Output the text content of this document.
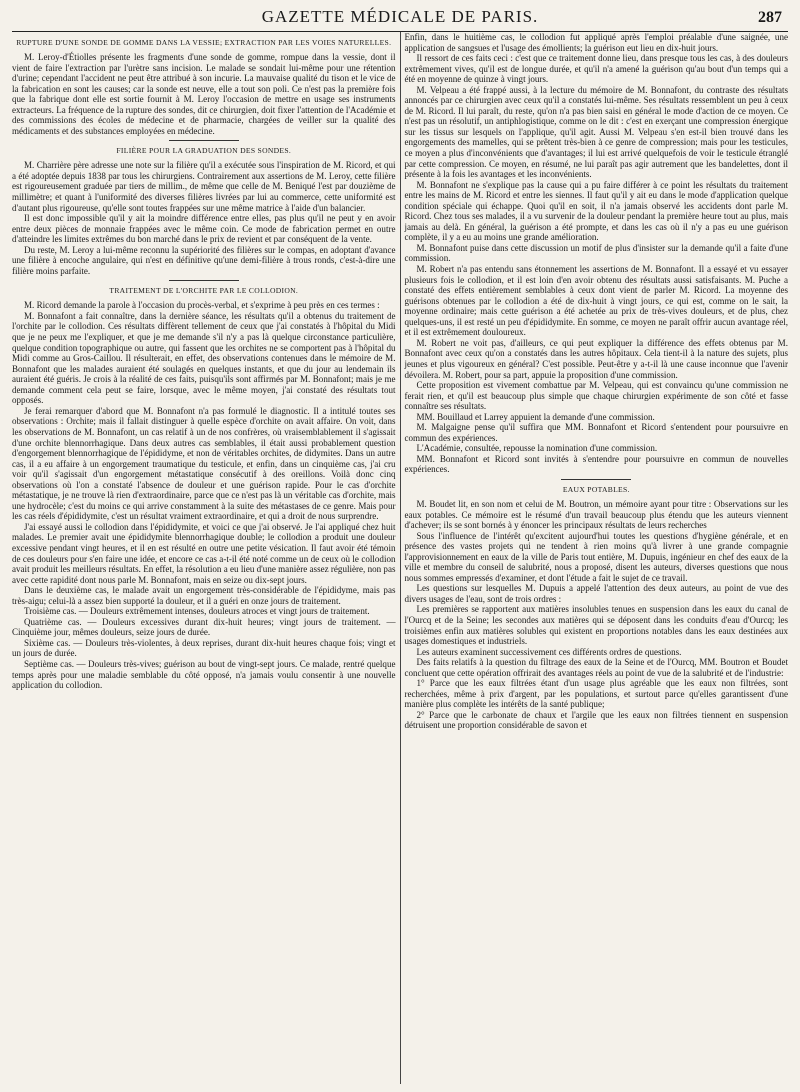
GAZETTE MÉDICALE DE PARIS.	287
RUPTURE D'UNE SONDE DE GOMME DANS LA VESSIE; EXTRACTION PAR LES VOIES NATURELLES.

M. Leroy-d'Étiolles présente les fragments d'une sonde de gomme, rompue dans la vessie, dont il vient de faire l'extraction par l'urètre sans incision. Le malade se sondait lui-même pour une rétention d'urine; cependant l'accident ne peut être attribué à son incurie. La mauvaise qualité du tison et le vice de la fabrication en sont les causes; car la sonde est neuve, elle a tout son poli. Ce n'est pas la première fois que la fabrique dont elle est sortie fournit à M. Leroy l'occasion de mettre en usage ses instruments extracteurs. La fréquence de la rupture des sondes, dit ce chirurgien, doit fixer l'attention de l'Académie et des commissions des écoles de médecine et de pharmacie, chargées de veiller sur la qualité des médicaments et des substances employées en médecine.

FILIÈRE POUR LA GRADUATION DES SONDES.

M. Charrière père adresse une note sur la filière qu'il a exécutée sous l'inspiration de M. Ricord, et qui a été adoptée depuis 1838 par tous les chirurgiens. Contrairement aux assertions de M. Leroy, cette filière est rigoureusement graduée par tiers de millim., de même que celle de M. Beniqué l'est par douzième de millimètre; et quant à l'uniformité des diverses filières livrées par lui au commerce, cette uniformité est d'autant plus rigoureuse, qu'elle sont toutes frappées sur une même matrice à l'aide d'un balancier.

Il est donc impossible qu'il y ait la moindre différence entre elles, pas plus qu'il ne peut y en avoir entre deux pièces de monnaie frappées avec le même coin. Ce mode de fabrication permet en outre d'atteindre les limites extrêmes du bon marché dans le prix de revient et par conséquent de la vente.

Du reste, M. Leroy a lui-même reconnu la supériorité des filières sur le compas, en adoptant d'avance une filière à encoche angulaire, qui n'est en définitive qu'une demi-filière à trous ronds, c'est-à-dire une filière moins parfaite.

TRAITEMENT DE L'ORCHITE PAR LE COLLODION.

M. Ricord demande la parole à l'occasion du procès-verbal, et s'exprime à peu près en ces termes :

M. Bonnafont a fait connaître, dans la dernière séance, les résultats qu'il a obtenus du traitement de l'orchite par le collodion. Ces résultats diffèrent tellement de ceux que j'ai constatés à l'hôpital du Midi que je ne peux me l'expliquer, et que je me demande s'il n'y a pas là quelque circonstance particulière, quelque condition topographique ou autre, qui fassent que les orchites ne se comportent pas à l'hôpital du Midi comme au Gros-Caillou. Il résulterait, en effet, des observations contenues dans le mémoire de M. Bonnafont que les malades auraient été soulagés en quelques instants, et que du jour au lendemain ils auraient été guéris. Je crois à la réalité de ces faits, puisqu'ils sont affirmés par M. Bonnafont; mais je me demande comment cela peut se faire, lorsque, avec le même moyen, j'ai constaté des résultats tout opposés.

Je ferai remarquer d'abord que M. Bonnafont n'a pas formulé le diagnostic. Il a intitulé toutes ses observations : Orchite; mais il fallait distinguer à quelle espèce d'orchite on avait affaire. On voit, dans les observations de M. Bonnafont, un cas relatif à un de nos confrères, où vraisemblablement il s'agissait d'une orchite blennorrhagique. Dans deux autres cas semblables, il était aussi probablement question d'engorgement blennorrhagique de l'épididyme, et non de véritables orchites, de didymites. Dans un autre cas, il a eu affaire à un engorgement traumatique du testicule, et enfin, dans un cinquième cas, j'ai cru voir qu'il s'agissait d'un engorgement métastatique consécutif à des oreillons. Voilà donc cinq observations où l'on a constaté l'absence de douleur et une guérison rapide. Pour le cas d'orchite métastatique, je ne trouve là rien d'extraordinaire, parce que ce n'est pas là un véritable cas d'orchite, mais une hydrocèle; c'est du moins ce qui arrive constamment à la suite des métastases de ce genre. Mais pour les cas réels d'épididymite, c'est un résultat vraiment extraordinaire, et qui a droit de nous surprendre.

J'ai essayé aussi le collodion dans l'épididymite, et voici ce que j'ai observé. Je l'ai appliqué chez huit malades. Le premier avait une épididymite blennorrhagique double; le collodion a produit une douleur excessive pendant vingt heures, et il en est résulté en outre une petite vésication. Il faut avoir été témoin de ces douleurs pour s'en faire une idée, et encore ce cas a-t-il été noté comme un de ceux où le collodion avait produit les meilleurs résultats. En effet, la résolution a eu lieu d'une manière assez régulière, non pas avec cette rapidité dont nous parle M. Bonnafont, mais en seize ou dix-sept jours.

Dans le deuxième cas, le malade avait un engorgement très-considérable de l'épididyme, mais pas très-aigu; celui-là a assez bien supporté la douleur, et il a guéri en onze jours de traitement.

Troisième cas. — Douleurs extrêmement intenses, douleurs atroces et vingt jours de traitement.

Quatrième cas. — Douleurs excessives durant dix-huit heures; vingt jours de traitement. — Cinquième jour, mêmes douleurs, seize jours de durée.

Sixième cas. — Douleurs très-violentes, à deux reprises, durant dix-huit heures chaque fois; vingt et un jours de durée.

Septième cas. — Douleurs très-vives; guérison au bout de vingt-sept jours. Ce malade, rentré quelque temps après pour une maladie semblable du côté opposé, n'a jamais voulu consentir à une nouvelle application du collodion.

Enfin, dans le huitième cas, le collodion fut appliqué après l'emploi préalable d'une saignée, une application de sangsues et l'usage des émollients; la guérison eut lieu en dix-huit jours.

Il ressort de ces faits ceci : c'est que ce traitement donne lieu, dans presque tous les cas, à des douleurs extrêmement vives, qu'il est de longue durée, et qu'il n'a amené la guérison qu'au bout d'un temps qui a été en moyenne de quinze à vingt jours.

M. Velpeau a été frappé aussi, à la lecture du mémoire de M. Bonnafont, du contraste des résultats annoncés par ce chirurgien avec ceux qu'il a constatés lui-même. Ses résultats ressemblent un peu à ceux de M. Ricord. Il lui paraît, du reste, qu'on n'a pas bien saisi en général le mode d'action de ce moyen. Ce n'est pas un résolutif, un antiphlogistique, comme on le dit : c'est en exerçant une compression énergique sur les tissus sur lesquels on l'applique, qu'il agit. Aussi M. Velpeau s'en est-il bien trouvé dans les engorgements des mamelles, qui se prêtent très-bien à ce genre de compression; mais pour les testicules, ce moyen a plus d'inconvénients que d'avantages; il lui est arrivé quelquefois de voir le testicule étranglé par cette compression. Ce moyen, en résumé, ne lui paraît pas agir autrement que les bandelettes, dont il présente à la fois les avantages et les inconvénients.

M. Bonnafont ne s'explique pas la cause qui a pu faire différer à ce point les résultats du traitement entre les mains de M. Ricord et entre les siennes. Il faut qu'il y ait eu dans le mode d'application quelque condition spéciale qui échappe. Quoi qu'il en soit, il n'a jamais observé les accidents dont parle M. Ricord. Chez tous ses malades, il a vu survenir de la douleur pendant la première heure tout au plus, mais jamais au delà. En général, la guérison a été prompte, et dans les cas où il n'y a pas eu une guérison complète, il y a eu au moins une grande amélioration.

M. Bonnafont puise dans cette discussion un motif de plus d'insister sur la demande qu'il a faite d'une commission.

M. Robert n'a pas entendu sans étonnement les assertions de M. Bonnafont. Il a essayé et vu essayer plusieurs fois le collodion, et il est loin d'en avoir obtenu des résultats aussi satisfaisants. M. Puche a constaté des effets entièrement semblables à ceux dont vient de parler M. Ricord. La moyenne des guérisons obtenues par le collodion a été de dix-huit à vingt jours, ce qui est, comme on le sait, la moyenne ordinaire; mais cette guérison a été achetée au prix de très-vives douleurs, et de plus, chez quelques-uns, il est resté un peu d'épididymite. En somme, ce moyen ne paraît offrir aucun avantage réel, et il est extrêmement douloureux.

M. Robert ne voit pas, d'ailleurs, ce qui peut expliquer la différence des effets obtenus par M. Bonnafont avec ceux qu'on a constatés dans les autres hôpitaux. Cela tient-il à la nature des sujets, plus jeunes et plus vigoureux en général? C'est possible. Peut-être y a-t-il là une cause inconnue que l'avenir dévoilera. M. Robert, pour sa part, appuie la proposition d'une commission.

Cette proposition est vivement combattue par M. Velpeau, qui est convaincu qu'une commission ne ferait rien, et qu'il est beaucoup plus simple que chaque chirurgien expérimente de son côté et fasse connaître ses résultats.

MM. Bouillaud et Larrey appuient la demande d'une commission.

M. Malgaigne pense qu'il suffira que MM. Bonnafont et Ricord s'entendent pour poursuivre en commun des expériences.

L'Académie, consultée, repousse la nomination d'une commission.

MM. Bonnafont et Ricord sont invités à s'entendre pour poursuivre en commun de nouvelles expériences.

EAUX POTABLES.

M. Boudet lit, en son nom et celui de M. Boutron, un mémoire ayant pour titre : Observations sur les eaux potables. Ce mémoire est le résumé d'un travail beaucoup plus étendu que les auteurs viennent d'achever; ils se sont bornés à y énoncer les principaux résultats de leurs recherches

Sous l'influence de l'intérêt qu'excitent aujourd'hui toutes les questions d'hygiène générale, et en présence des vastes projets qui ne tendent à rien moins qu'à livrer à une grande compagnie l'approvisionnement en eaux de la ville de Paris tout entière, M. Dupuis, ingénieur en chef des eaux de la ville et membre du conseil de salubrité, nous a proposé, disent les auteurs, diverses questions que nous nous sommes empressés d'examiner, et dont l'étude a fait le sujet de ce travail.

Les questions sur lesquelles M. Dupuis a appelé l'attention des deux auteurs, au point de vue des divers usages de l'eau, sont de trois ordres :

Les premières se rapportent aux matières insolubles tenues en suspension dans les eaux du canal de l'Ourcq et de la Seine; les secondes aux matières qui se déposent dans les conduits d'eau d'Ourcq; les troisièmes enfin aux matières solubles qui existent en proportions notables dans les eaux destinées aux usages domestiques et industriels.

Les auteurs examinent successivement ces différents ordres de questions.

Des faits relatifs à la question du filtrage des eaux de la Seine et de l'Ourcq, MM. Boutron et Boudet concluent que cette opération offrirait des avantages réels au point de vue de la salubrité et de l'industrie:

1° Parce que les eaux filtrées étant d'un usage plus agréable que les eaux non filtrées, sont recherchées, même à prix d'argent, par les populations, et surtout parce qu'elles garantissent d'une manière plus complète les intérêts de la santé publique;

2° Parce que le carbonate de chaux et l'argile que les eaux non filtrées tiennent en suspension détruisent une proportion considérable de savon et
